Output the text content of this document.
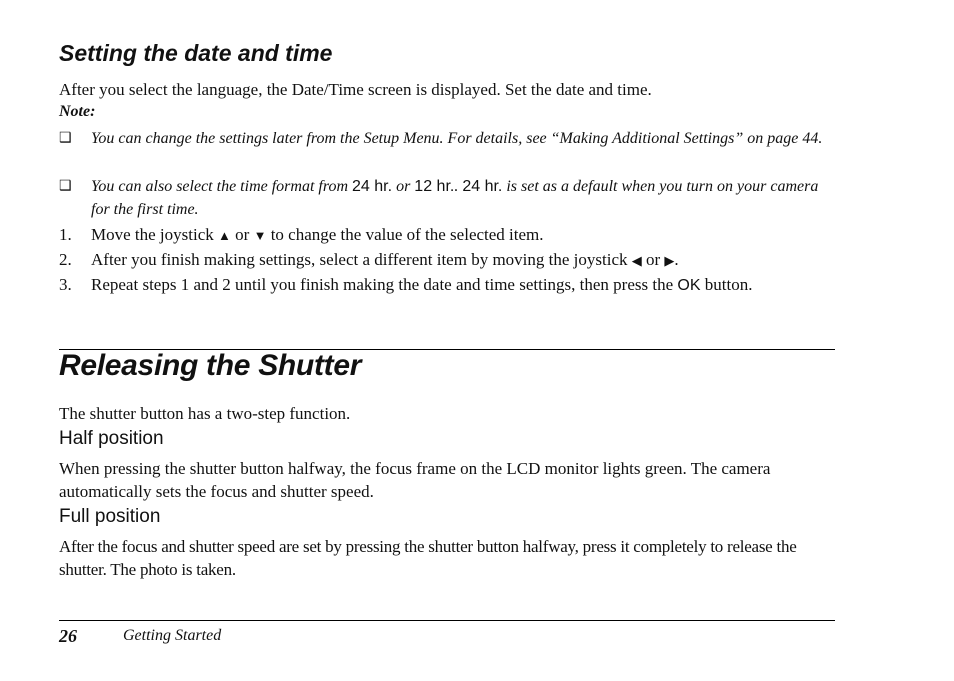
Setting the date and time
After you select the language, the Date/Time screen is displayed. Set the date and time.
Note:
❑ You can change the settings later from the Setup Menu. For details, see “Making Additional Settings” on page 44.
❑ You can also select the time format from 24 hr. or 12 hr.. 24 hr. is set as a default when you turn on your camera for the first time.
1. Move the joystick ▲ or ▼ to change the value of the selected item.
2. After you finish making settings, select a different item by moving the joystick ◀ or ▶.
3. Repeat steps 1 and 2 until you finish making the date and time settings, then press the OK button.
Releasing the Shutter
The shutter button has a two-step function.
Half position
When pressing the shutter button halfway, the focus frame on the LCD monitor lights green. The camera automatically sets the focus and shutter speed.
Full position
After the focus and shutter speed are set by pressing the shutter button halfway, press it completely to release the shutter. The photo is taken.
26	Getting Started
